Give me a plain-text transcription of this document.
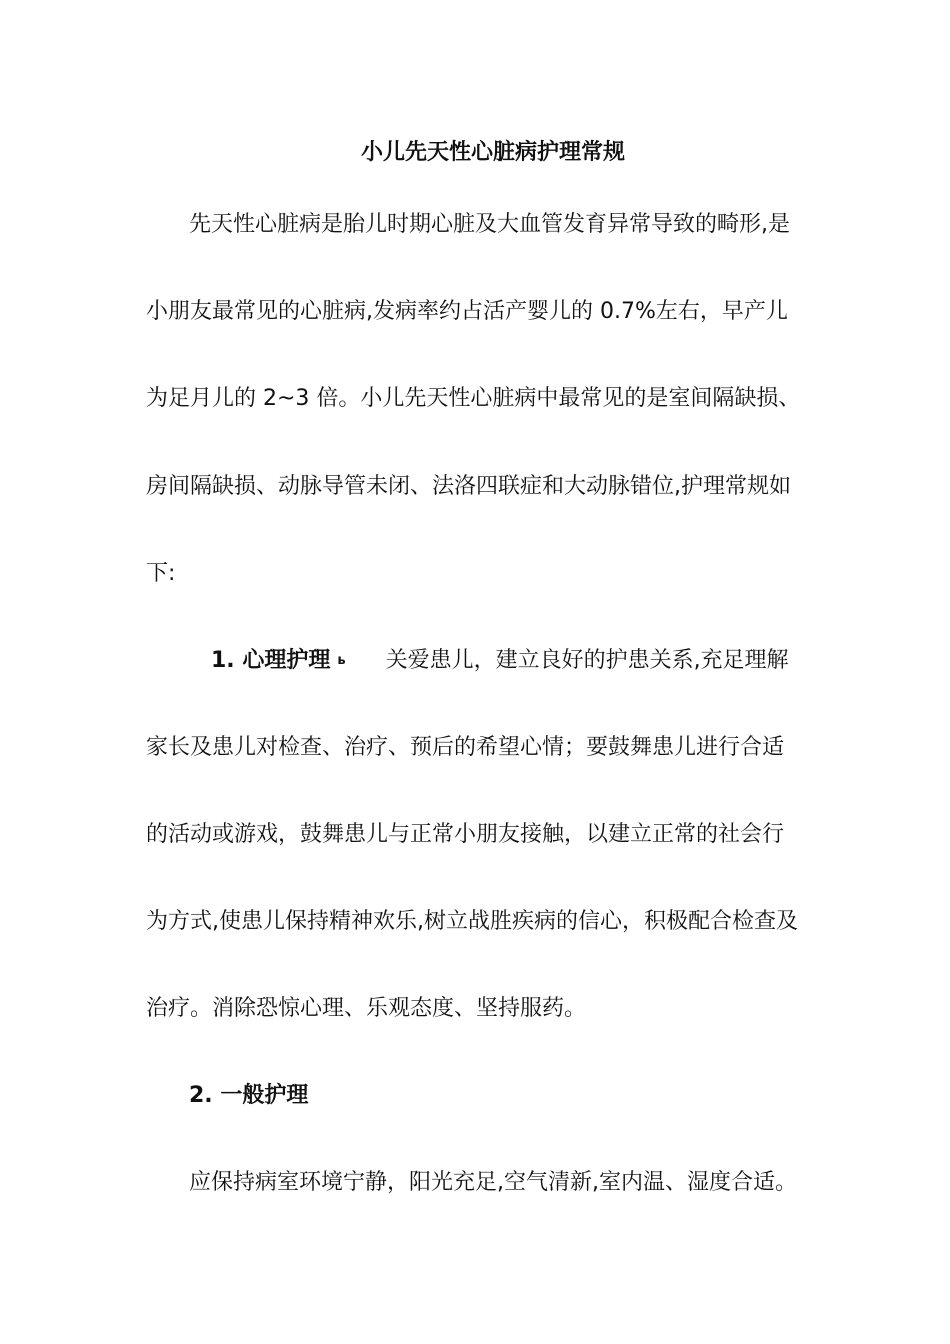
小儿先天性心脏病护理常规
先天性心脏病是胎儿时期心脏及大血管发育异常导致的畸形,是
小朋友最常见的心脏病,发病率约占活产婴儿的 0.7%左右，早产儿
为足月儿的 2~3 倍。小儿先天性心脏病中最常见的是室间隔缺损、
房间隔缺损、动脉导管未闭、法洛四联症和大动脉错位,护理常规如
下:
1. 心理护理 ь 关爱患儿，建立良好的护患关系,充足理解
家长及患儿对检查、治疗、预后的希望心情；要鼓舞患儿进行合适
的活动或游戏，鼓舞患儿与正常小朋友接触，以建立正常的社会行
为方式,使患儿保持精神欢乐,树立战胜疾病的信心，积极配合检查及
治疗。消除恐惊心理、乐观态度、坚持服药。
2. 一般护理
应保持病室环境宁静，阳光充足,空气清新,室内温、湿度合适。
